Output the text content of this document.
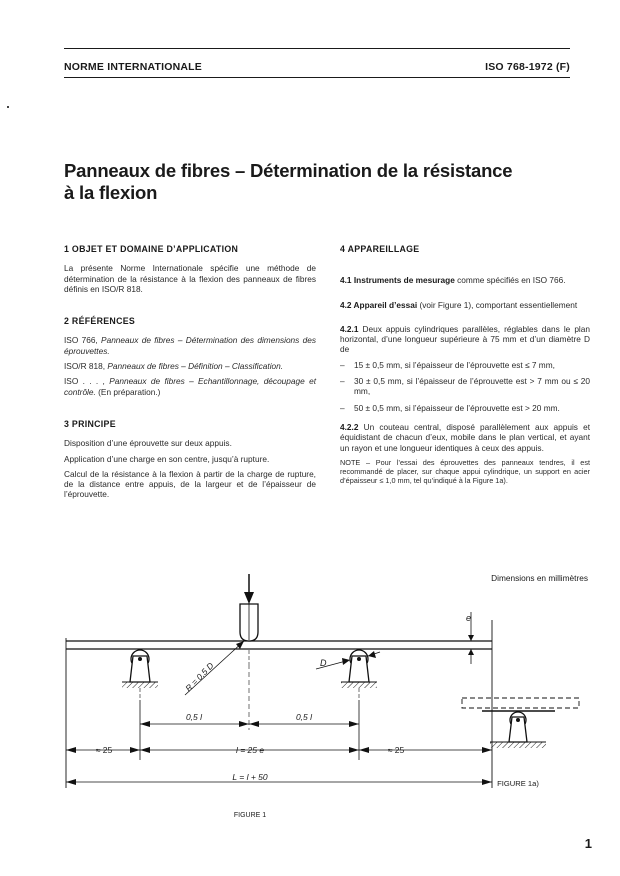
NORME INTERNATIONALE	ISO 768-1972 (F)
Panneaux de fibres – Détermination de la résistance
à la flexion

1 OBJET ET DOMAINE D’APPLICATION

La présente Norme Internationale spécifie une méthode de détermination de la résistance à la flexion des panneaux de fibres définis en ISO/R 818.

2 RÉFÉRENCES

ISO 766, Panneaux de fibres – Détermination des dimensions des éprouvettes.

ISO/R 818, Panneaux de fibres – Définition – Classification.

ISO . . . , Panneaux de fibres – Echantillonnage, découpage et contrôle. (En préparation.)

3 PRINCIPE

Disposition d’une éprouvette sur deux appuis.

Application d’une charge en son centre, jusqu’à rupture.

Calcul de la résistance à la flexion à partir de la charge de rupture, de la distance entre appuis, de la largeur et de l’épaisseur de l’éprouvette.

4 APPAREILLAGE

4.1 Instruments de mesurage comme spécifiés en ISO 766.

4.2 Appareil d’essai (voir Figure 1), comportant essentiellement

4.2.1 Deux appuis cylindriques parallèles, réglables dans le plan horizontal, d’une longueur supérieure à 75 mm et d’un diamètre D de

–	15 ± 0,5 mm, si l’épaisseur de l’éprouvette est ≤ 7 mm,
–	30 ± 0,5 mm, si l’épaisseur de l’éprouvette est > 7 mm ou ≤ 20 mm,
–	50 ± 0,5 mm, si l’épaisseur de l’éprouvette est > 20 mm.

4.2.2 Un couteau central, disposé parallèlement aux appuis et équidistant de chacun d’eux, mobile dans le plan vertical, et ayant un rayon et une longueur identiques à ceux des appuis.

NOTE – Pour l’essai des éprouvettes des panneaux tendres, il est recommandé de placer, sur chaque appui cylindrique, un support en acier d’épaisseur ≤ 1,0 mm, tel qu’indiqué à la Figure 1a).

Dimensions en millimètres
e
R = 0,5 D	D
0,5 l	0,5 l
≈ 25	l = 25 e	≈ 25
L = l + 50
FIGURE 1a)
FIGURE 1
1
